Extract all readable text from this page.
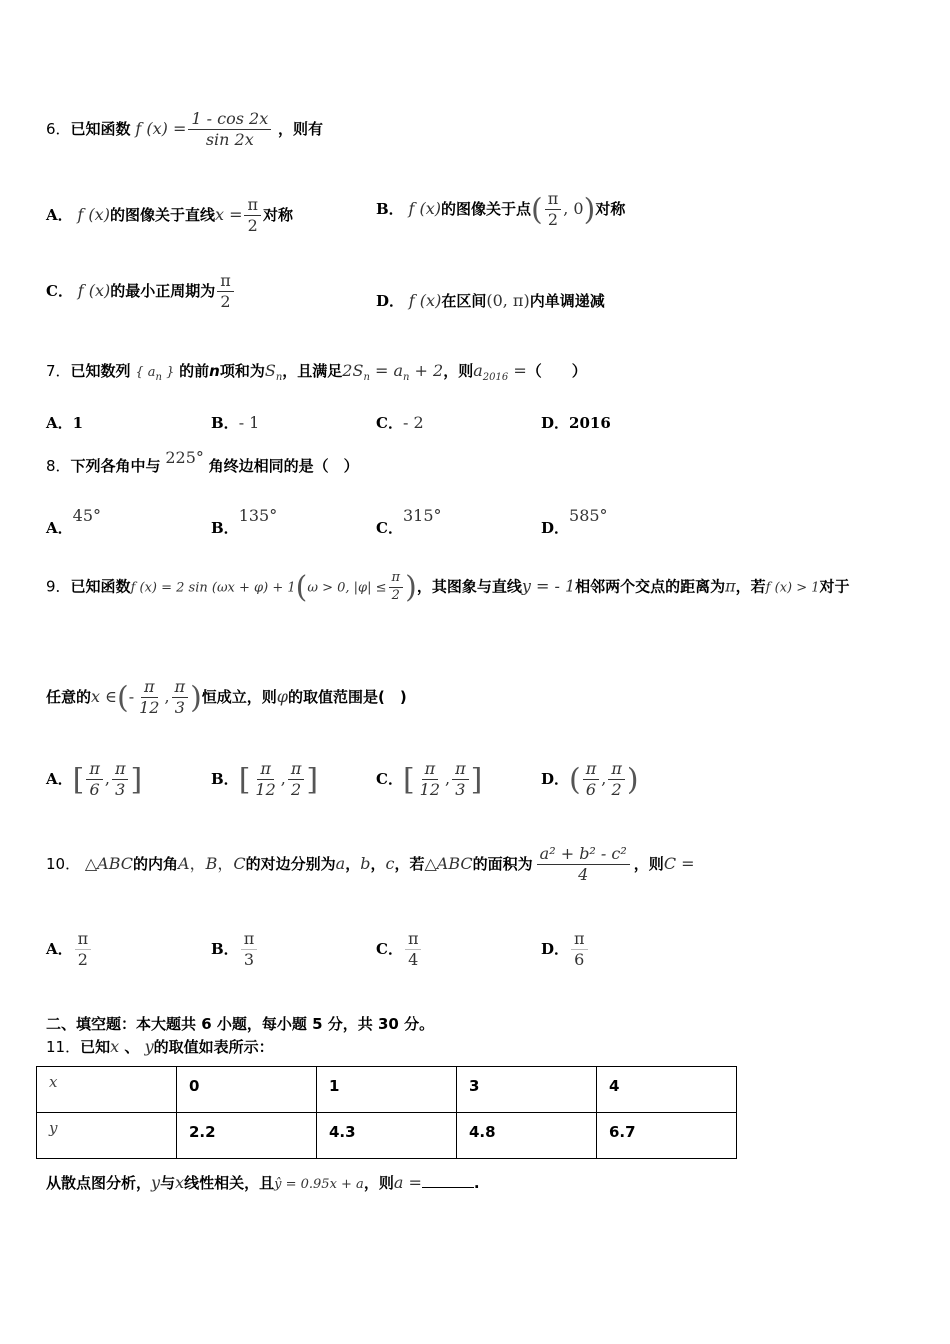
6．已知函数 f $(x) = \frac{1 - \cos 2x}{\sin 2x}$ ，则有
A． f (x)的图像关于直线$x = \frac{\pi}{2}$ 对称	B． f (x)的图像关于点( $\frac{\pi}{2}$ , 0)对称
C． f (x)的最小正周期为 $\frac{\pi}{2}$	D． f (x)在区间(0, π)内单调递减
7．已知数列 { $a_n$ } 的前n项和为$S_n$，且满足$2S_n = a_n + 2$，则$a_{2016}$ =（　　）
A．1	B．- 1	C．- 2	D．2016
8．下列各角中与 225° 角终边相同的是（　）
A．45°
B．135°
C．315°
D．585°
9．已知函数f (x) = 2 sin (ωx + φ) + 1(ω > 0, $|\varphi| \le \frac{\pi}{2}$ )，其图象与直线y = - 1相邻两个交点的距离为π，若f (x) > 1对于
任意的x ∈(- $\frac{\pi}{12}$ , $\frac{\pi}{3}$ )恒成立，则φ的取值范围是(　)
A．[ $\frac{\pi}{6}$ , $\frac{\pi}{3}$ ]	B．[ $\frac{\pi}{12}$ , $\frac{\pi}{2}$ ]	C．[ $\frac{\pi}{12}$ , $\frac{\pi}{3}$ ]	D．( $\frac{\pi}{6}$ , $\frac{\pi}{2}$ )
10． △ABC的内角A，B，C的对边分别为a，b，c，若△ABC的面积为 $\frac{\text{a² + b² - c²}}{4}$ ，则C =
A． $\frac{\pi}{2}$	B． $\frac{\pi}{3}$	C． $\frac{\pi}{4}$	D． $\frac{\pi}{6}$
二、填空题：本大题共 6 小题，每小题 5 分，共 30 分。
11．已知x 、 y的取值如表所示：
x	0	1	3	4
y	2.2	4.3	4.8	6.7
从散点图分析，y与x线性相关，且ŷ = 0.95x + a，则a =	.
